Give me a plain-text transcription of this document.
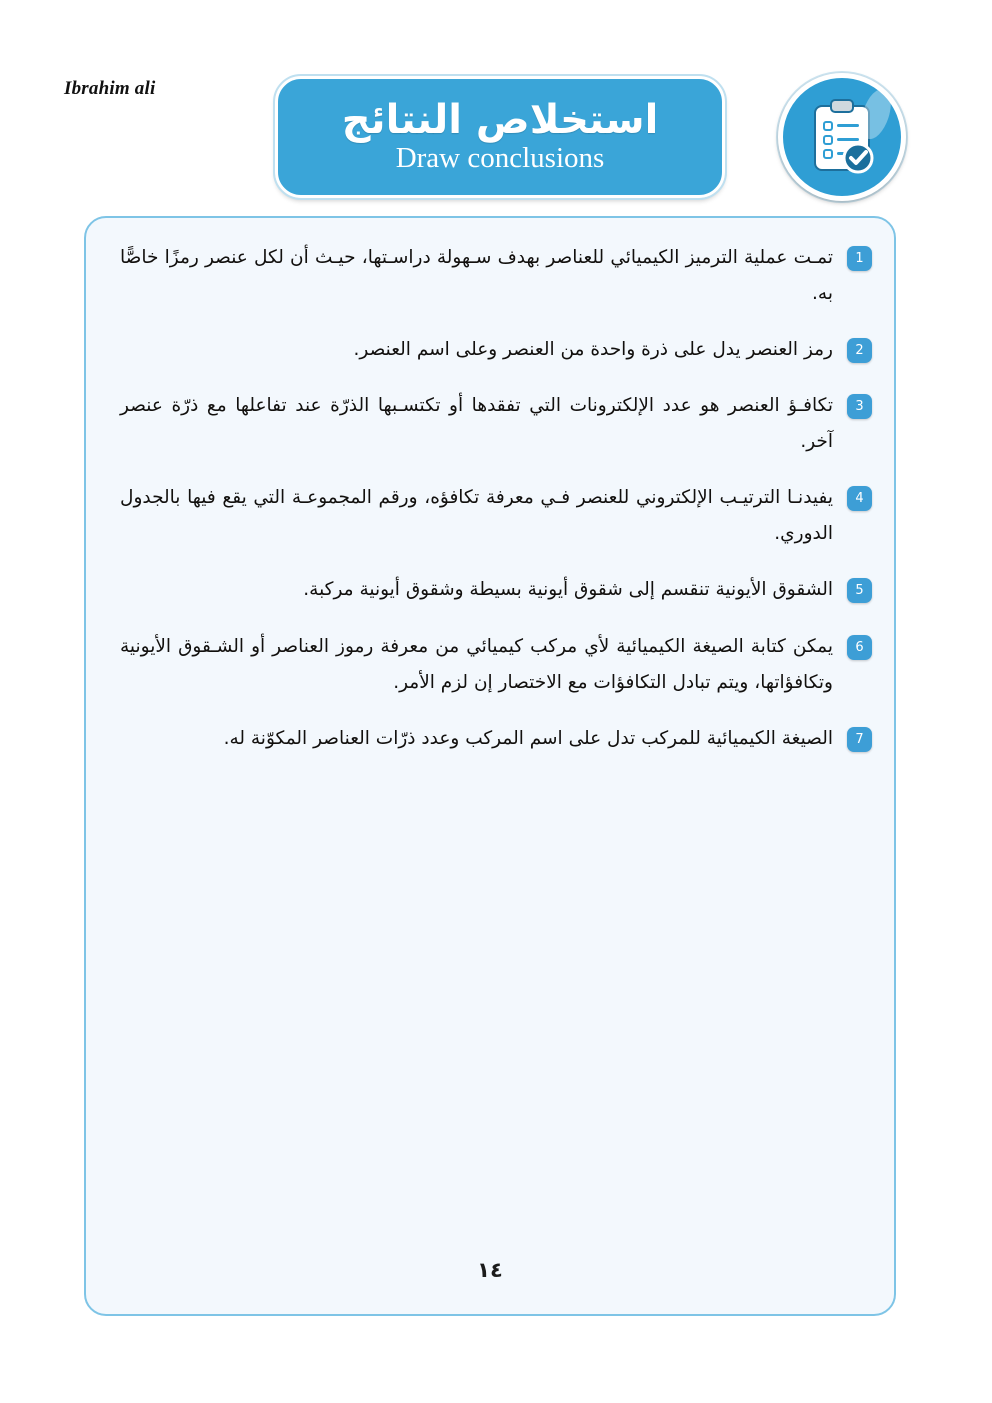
Ibrahim ali
استخلاص النتائج
Draw conclusions
1
تمـت عملية الترميز الكيميائي للعناصر بهدف سـهولة دراسـتها، حيـث أن لكل عنصر رمزًا خاصًّا به.
2
رمز العنصر يدل على ذرة واحدة من العنصر وعلى اسم العنصر.
3
تكافـؤ العنصر هو عدد الإلكترونات التي تفقدها أو تكتسـبها الذرّة عند تفاعلها مع ذرّة عنصر آخر.
4
يفيدنـا الترتيـب الإلكتروني للعنصر فـي معرفة تكافؤه، ورقم المجموعـة التي يقع فيها بالجدول الدوري.
5
الشقوق الأيونية تنقسم إلى شقوق أيونية بسيطة وشقوق أيونية مركبة.
6
يمكن كتابة الصيغة الكيميائية لأي مركب كيميائي من معرفة رموز العناصر أو الشـقوق الأيونية وتكافؤاتها، ويتم تبادل التكافؤات مع الاختصار إن لزم الأمر.
7
الصيغة الكيميائية للمركب تدل على اسم المركب وعدد ذرّات العناصر المكوّنة له.
١٤
